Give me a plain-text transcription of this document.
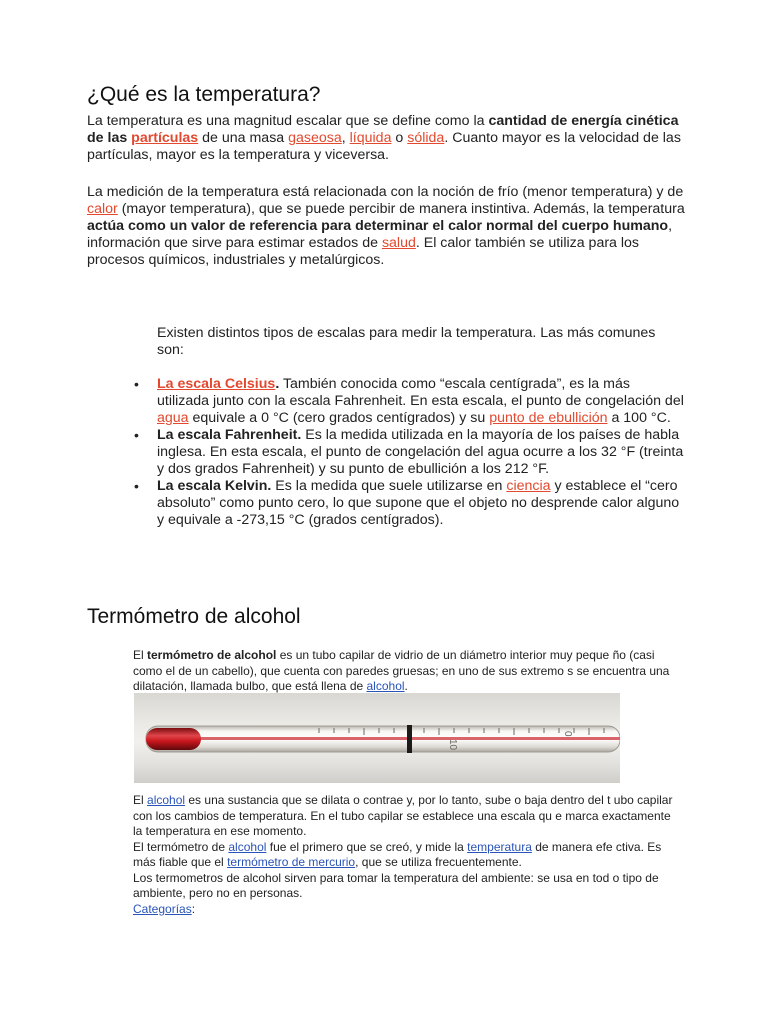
¿Qué es la temperatura?
La temperatura es una magnitud escalar que se define como la cantidad de energía cinética de las partículas de una masa gaseosa, líquida o sólida. Cuanto mayor es la velocidad de las partículas, mayor es la temperatura y viceversa.
La medición de la temperatura está relacionada con la noción de frío (menor temperatura) y de calor (mayor temperatura), que se puede percibir de manera instintiva. Además, la temperatura actúa como un valor de referencia para determinar el calor normal del cuerpo humano, información que sirve para estimar estados de salud. El calor también se utiliza para los procesos químicos, industriales y metalúrgicos.
Existen distintos tipos de escalas para medir la temperatura. Las más comunes son:
• La escala Celsius. También conocida como “escala centígrada”, es la más utilizada junto con la escala Fahrenheit. En esta escala, el punto de congelación del agua equivale a 0 °C (cero grados centígrados) y su punto de ebullición a 100 °C.
• La escala Fahrenheit. Es la medida utilizada en la mayoría de los países de habla inglesa. En esta escala, el punto de congelación del agua ocurre a los 32 °F (treinta y dos grados Fahrenheit) y su punto de ebullición a los 212 °F.
• La escala Kelvin. Es la medida que suele utilizarse en ciencia y establece el “cero absoluto” como punto cero, lo que supone que el objeto no desprende calor alguno y equivale a -273,15 °C (grados centígrados).
Termómetro de alcohol
El termómetro de alcohol es un tubo capilar de vidrio de un diámetro interior muy peque ño (casi como el de un cabello), que cuenta con paredes gruesas; en uno de sus extremo s se encuentra una dilatación, llamada bulbo, que está llena de alcohol.
10
0
El alcohol es una sustancia que se dilata o contrae y, por lo tanto, sube o baja dentro del t ubo capilar con los cambios de temperatura. En el tubo capilar se establece una escala qu e marca exactamente la temperatura en ese momento.
El termómetro de alcohol fue el primero que se creó, y mide la temperatura de manera efe ctiva. Es más fiable que el termómetro de mercurio, que se utiliza frecuentemente.
Los termometros de alcohol sirven para tomar la temperatura del ambiente: se usa en tod o tipo de ambiente, pero no en personas.
Categorías:
